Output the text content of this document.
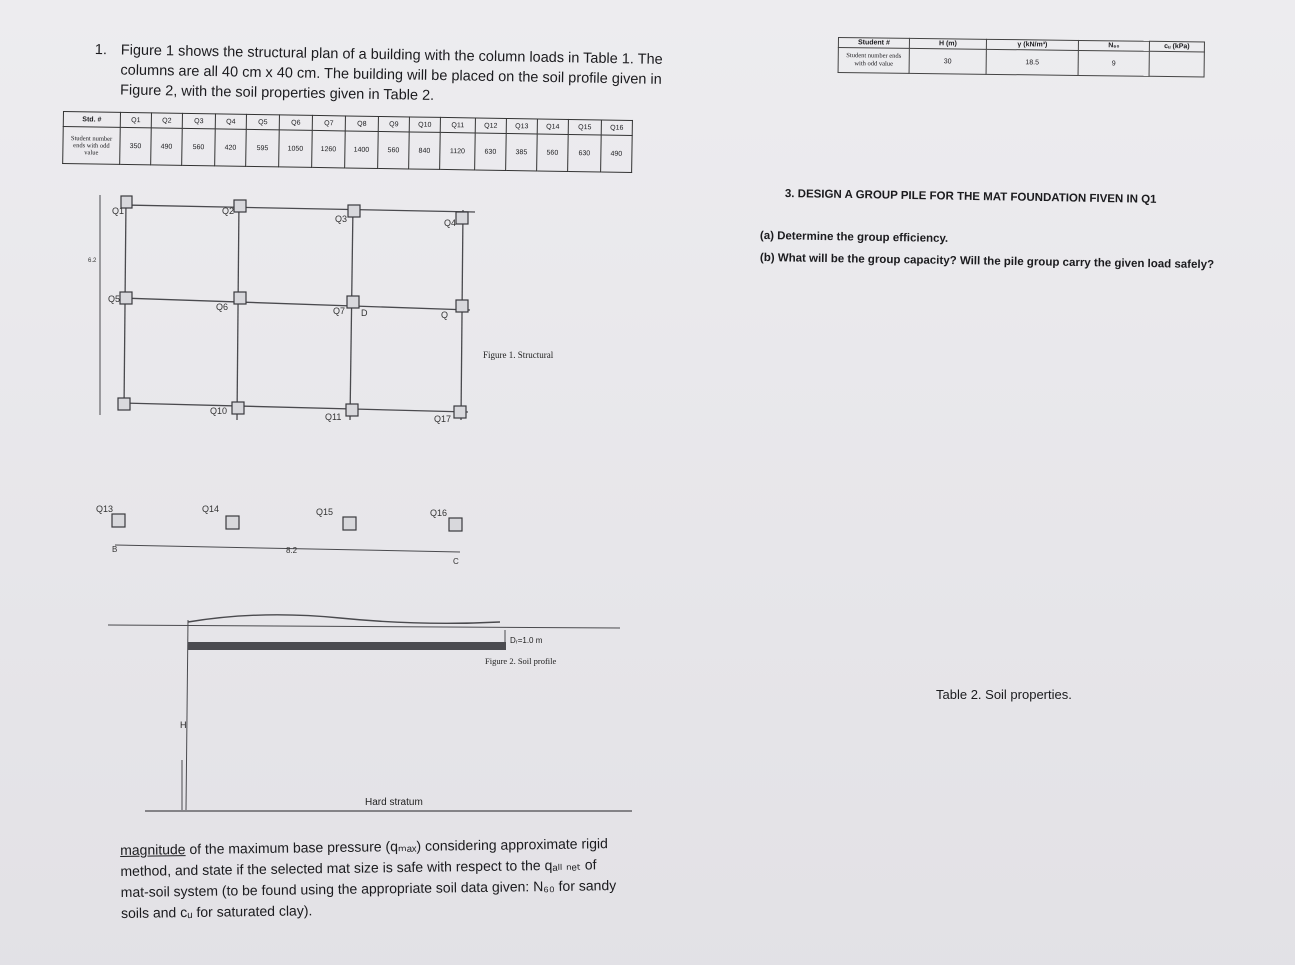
1. Figure 1 shows the structural plan of a building with the column loads in Table 1. The columns are all 40 cm x 40 cm. The building will be placed on the soil profile given in Figure 2, with the soil properties given in Table 2.
Std. #	Q1	Q2	Q3	Q4	Q5	Q6	Q7	Q8	Q9	Q10	Q11	Q12	Q13	Q14	Q15	Q16
Student number ends with odd value	350	490	560	420	595	1050	1260	1400	560	840	1120	630	385	560	630	490
Student #	H (m)	γ (kN/m³)	N₆₀	cᵤ (kPa)
Student number ends with odd value	30	18.5	9	
Q1	Q2
Q3	Q4
Q5
Q6	Q7	Q
D
Q10
Q11	Q17
Q13	Q14	Q15	Q16
8.2
6.2
C
B
Figure 1. Structural
Dᵣ=1.0 m
Figure 2. Soil profile
H
Hard stratum
3. DESIGN A GROUP PILE FOR THE MAT FOUNDATION FIVEN IN Q1
(a) Determine the group efficiency.
(b) What will be the group capacity? Will the pile group carry the given load safely?
Table 2. Soil properties.
magnitude of the maximum base pressure (qₘₐₓ) considering approximate rigid
method, and state if the selected mat size is safe with respect to the qₐₗₗ ₙₑₜ of
mat-soil system (to be found using the appropriate soil data given: N₆₀ for sandy
soils and cᵤ for saturated clay).
